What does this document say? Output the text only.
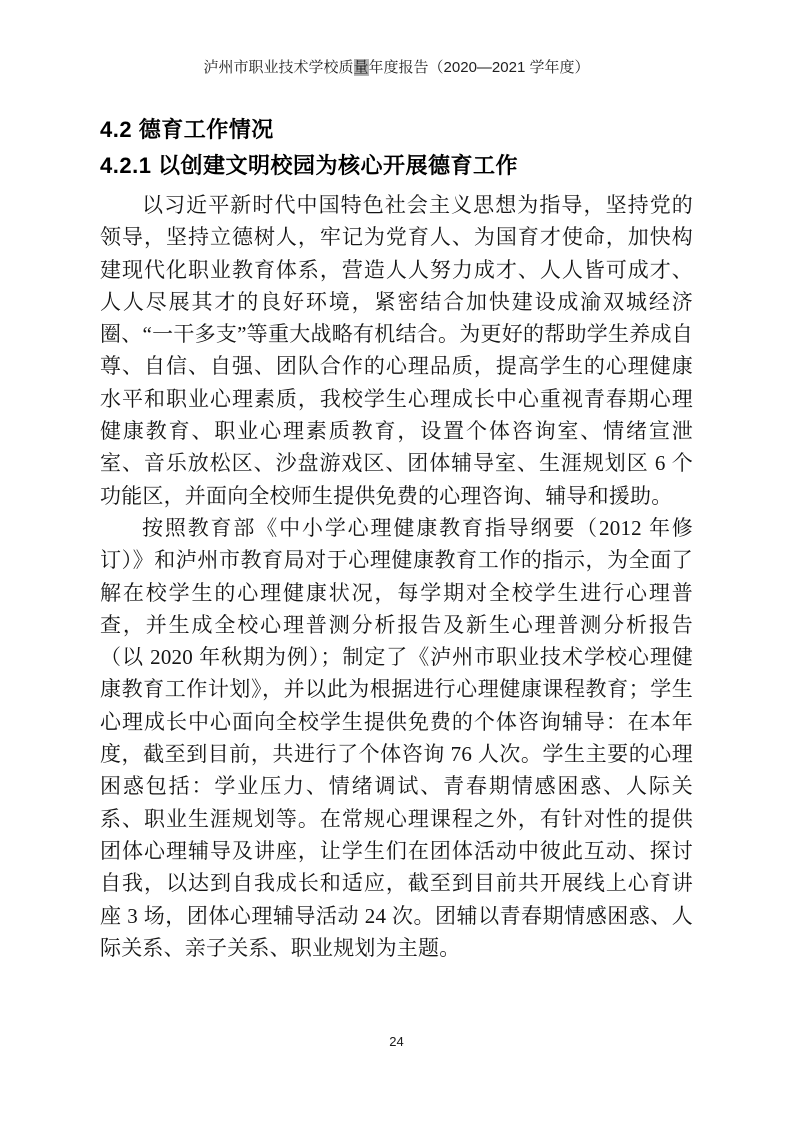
泸州市职业技术学校质量年度报告（2020—2021 学年度）
4.2 德育工作情况
4.2.1 以创建文明校园为核心开展德育工作

以习近平新时代中国特色社会主义思想为指导，坚持党的领导，坚持立德树人，牢记为党育人、为国育才使命，加快构建现代化职业教育体系，营造人人努力成才、人人皆可成才、人人尽展其才的良好环境，紧密结合加快建设成渝双城经济圈、“一干多支”等重大战略有机结合。为更好的帮助学生养成自尊、自信、自强、团队合作的心理品质，提高学生的心理健康水平和职业心理素质，我校学生心理成长中心重视青春期心理健康教育、职业心理素质教育，设置个体咨询室、情绪宣泄室、音乐放松区、沙盘游戏区、团体辅导室、生涯规划区 6 个功能区，并面向全校师生提供免费的心理咨询、辅导和援助。

按照教育部《中小学心理健康教育指导纲要（2012 年修订）》和泸州市教育局对于心理健康教育工作的指示，为全面了解在校学生的心理健康状况，每学期对全校学生进行心理普查，并生成全校心理普测分析报告及新生心理普测分析报告（以 2020 年秋期为例）；制定了《泸州市职业技术学校心理健康教育工作计划》，并以此为根据进行心理健康课程教育；学生心理成长中心面向全校学生提供免费的个体咨询辅导：在本年度，截至到目前，共进行了个体咨询 76 人次。学生主要的心理困惑包括：学业压力、情绪调试、青春期情感困惑、人际关系、职业生涯规划等。在常规心理课程之外，有针对性的提供团体心理辅导及讲座，让学生们在团体活动中彼此互动、探讨自我，以达到自我成长和适应，截至到目前共开展线上心育讲座 3 场，团体心理辅导活动 24 次。团辅以青春期情感困惑、人际关系、亲子关系、职业规划为主题。

24
